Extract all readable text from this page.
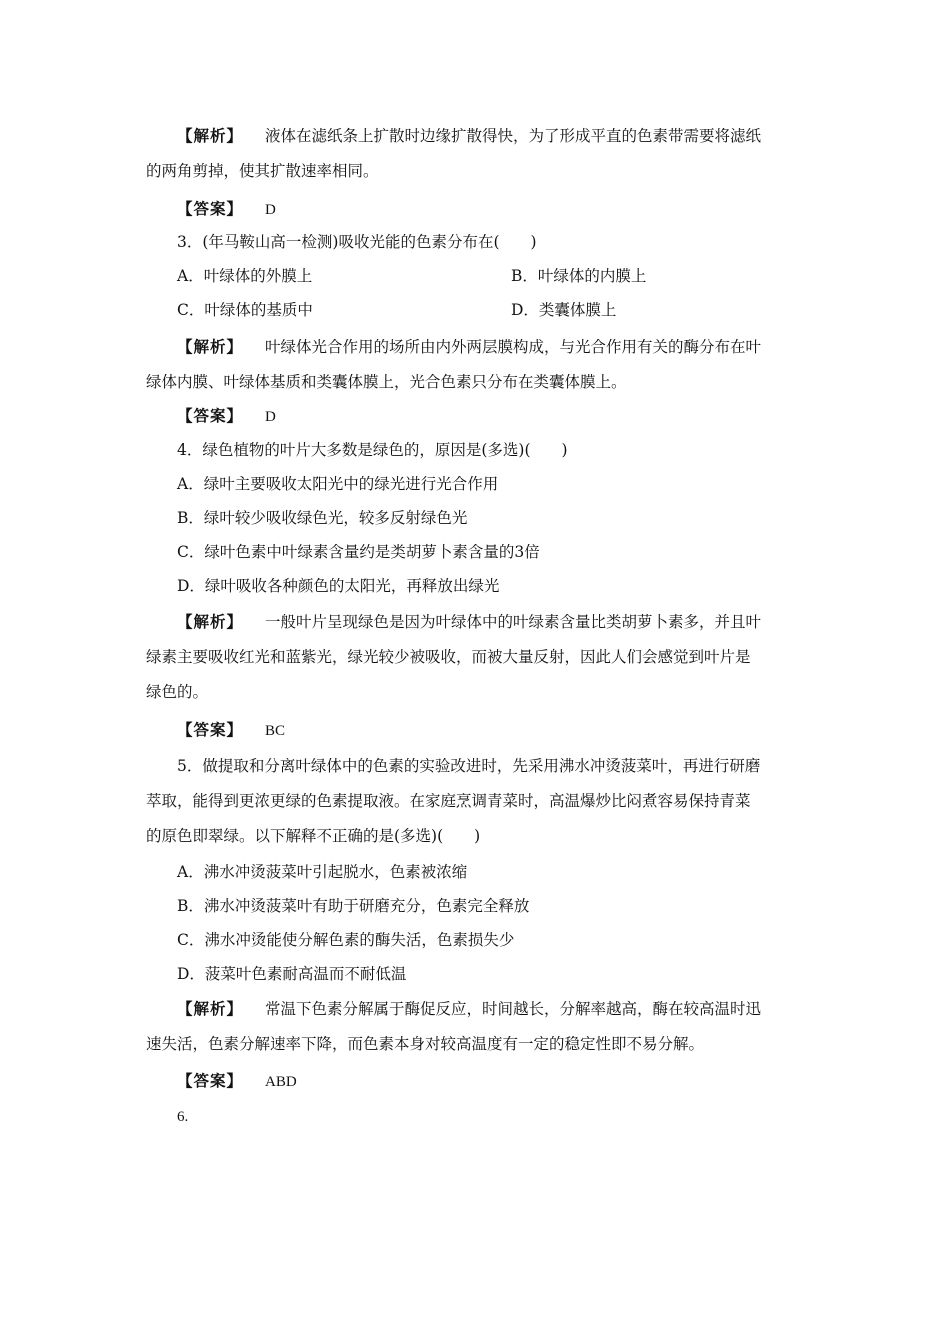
【解析】 液体在滤纸条上扩散时边缘扩散得快，为了形成平直的色素带需要将滤纸
的两角剪掉，使其扩散速率相同。
【答案】 D
3．(年马鞍山高一检测)吸收光能的色素分布在(　　)
A．叶绿体的外膜上	B．叶绿体的内膜上
C．叶绿体的基质中	D．类囊体膜上
【解析】 叶绿体光合作用的场所由内外两层膜构成，与光合作用有关的酶分布在叶
绿体内膜、叶绿体基质和类囊体膜上，光合色素只分布在类囊体膜上。
【答案】 D
4．绿色植物的叶片大多数是绿色的，原因是(多选)(　　)
A．绿叶主要吸收太阳光中的绿光进行光合作用
B．绿叶较少吸收绿色光，较多反射绿色光
C．绿叶色素中叶绿素含量约是类胡萝卜素含量的3倍
D．绿叶吸收各种颜色的太阳光，再释放出绿光
【解析】 一般叶片呈现绿色是因为叶绿体中的叶绿素含量比类胡萝卜素多，并且叶
绿素主要吸收红光和蓝紫光，绿光较少被吸收，而被大量反射，因此人们会感觉到叶片是
绿色的。
【答案】 BC
5．做提取和分离叶绿体中的色素的实验改进时，先采用沸水冲烫菠菜叶，再进行研磨
萃取，能得到更浓更绿的色素提取液。在家庭烹调青菜时，高温爆炒比闷煮容易保持青菜
的原色即翠绿。以下解释不正确的是(多选)(　　)
A．沸水冲烫菠菜叶引起脱水，色素被浓缩
B．沸水冲烫菠菜叶有助于研磨充分，色素完全释放
C．沸水冲烫能使分解色素的酶失活，色素损失少
D．菠菜叶色素耐高温而不耐低温
【解析】 常温下色素分解属于酶促反应，时间越长，分解率越高，酶在较高温时迅
速失活，色素分解速率下降，而色素本身对较高温度有一定的稳定性即不易分解。
【答案】 ABD
6.
